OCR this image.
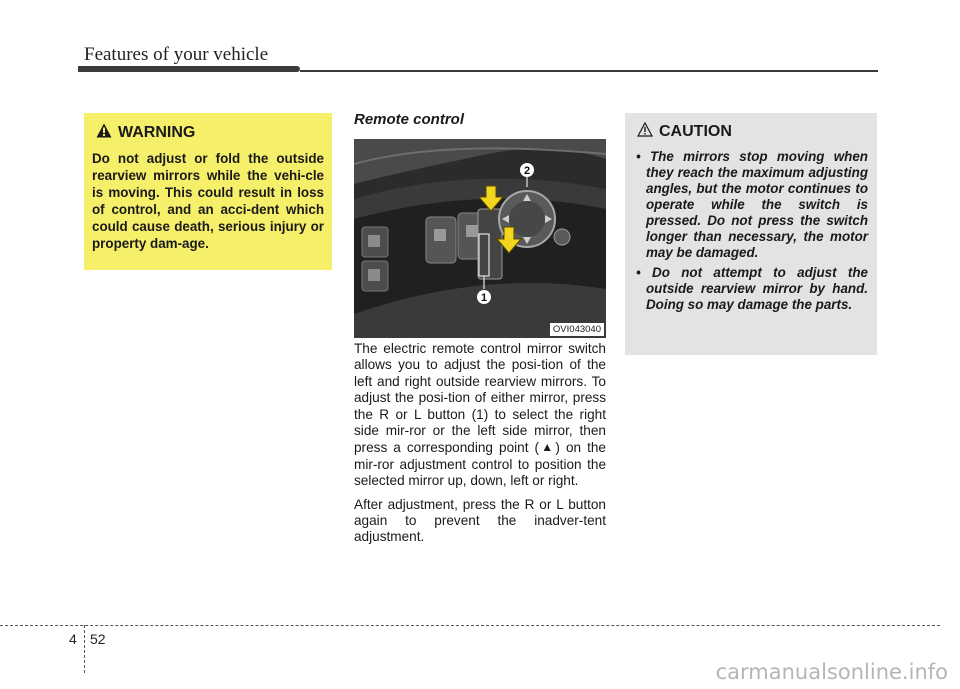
Features of your vehicle
WARNING

Do not adjust or fold the outside rearview mirrors while the vehi-cle is moving. This could result in loss of control, and an acci-dent which could cause death, serious injury or property dam-age.

Remote control
1
2
OVI043040

The electric remote control mirror switch allows you to adjust the posi-tion of the left and right outside rearview mirrors. To adjust the posi-tion of either mirror, press the R or L button (1) to select the right side mir-ror or the left side mirror, then press a corresponding point (▲) on the mir-ror adjustment control to position the selected mirror up, down, left or right.

After adjustment, press the R or L button again to prevent the inadver-tent adjustment.

CAUTION
• The mirrors stop moving when they reach the maximum adjusting angles, but the motor continues to operate while the switch is pressed. Do not press the switch longer than necessary, the motor may be damaged.
• Do not attempt to adjust the outside rearview mirror by hand. Doing so may damage the parts.
4 52
carmanualsonline.info
